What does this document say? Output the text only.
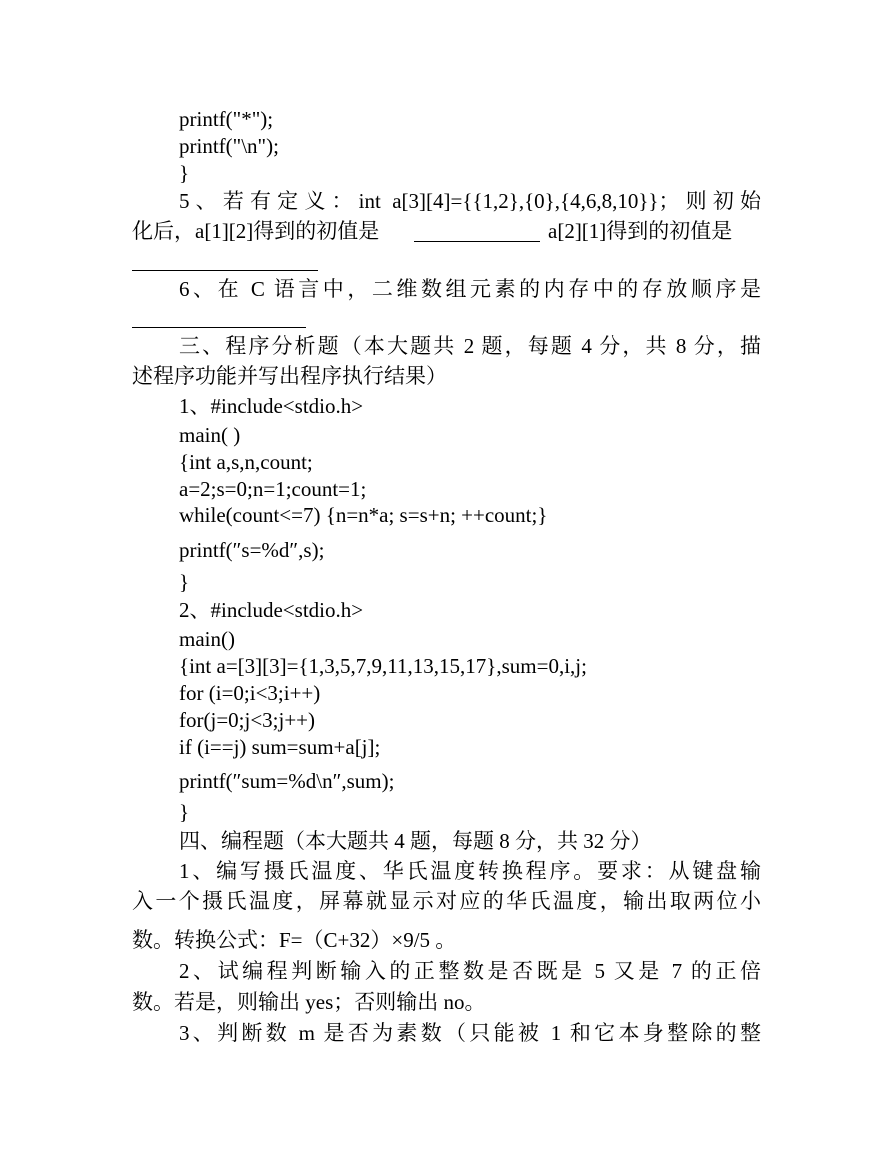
printf("*");
printf("\n");
}
5、若有定义：int a[3][4]={{1,2},{0},{4,6,8,10}}；则初始
化后，a[1][2]得到的初值是	a[2][1]得到的初值是
6、在 C 语言中，二维数组元素的内存中的存放顺序是
三、程序分析题（本大题共 2 题，每题 4 分，共 8 分，描
述程序功能并写出程序执行结果）
1、#include<stdio.h>
main( )
{int a,s,n,count;
a=2;s=0;n=1;count=1;
while(count<=7) {n=n*a; s=s+n; ++count;}
printf(″s=%d″,s);
}
2、#include<stdio.h>
main()
{int a=[3][3]={1,3,5,7,9,11,13,15,17},sum=0,i,j;
for (i=0;i<3;i++)
for(j=0;j<3;j++)
if (i==j) sum=sum+a[j];
printf(″sum=%d\n″,sum);
}
四、编程题（本大题共 4 题，每题 8 分，共 32 分）
1、编写摄氏温度、华氏温度转换程序。要求：从键盘输
入一个摄氏温度，屏幕就显示对应的华氏温度，输出取两位小
数。转换公式：F=（C+32）×9/5 。
2、试编程判断输入的正整数是否既是 5 又是 7 的正倍
数。若是，则输出 yes；否则输出 no。
3、判断数 m 是否为素数（只能被 1 和它本身整除的整
